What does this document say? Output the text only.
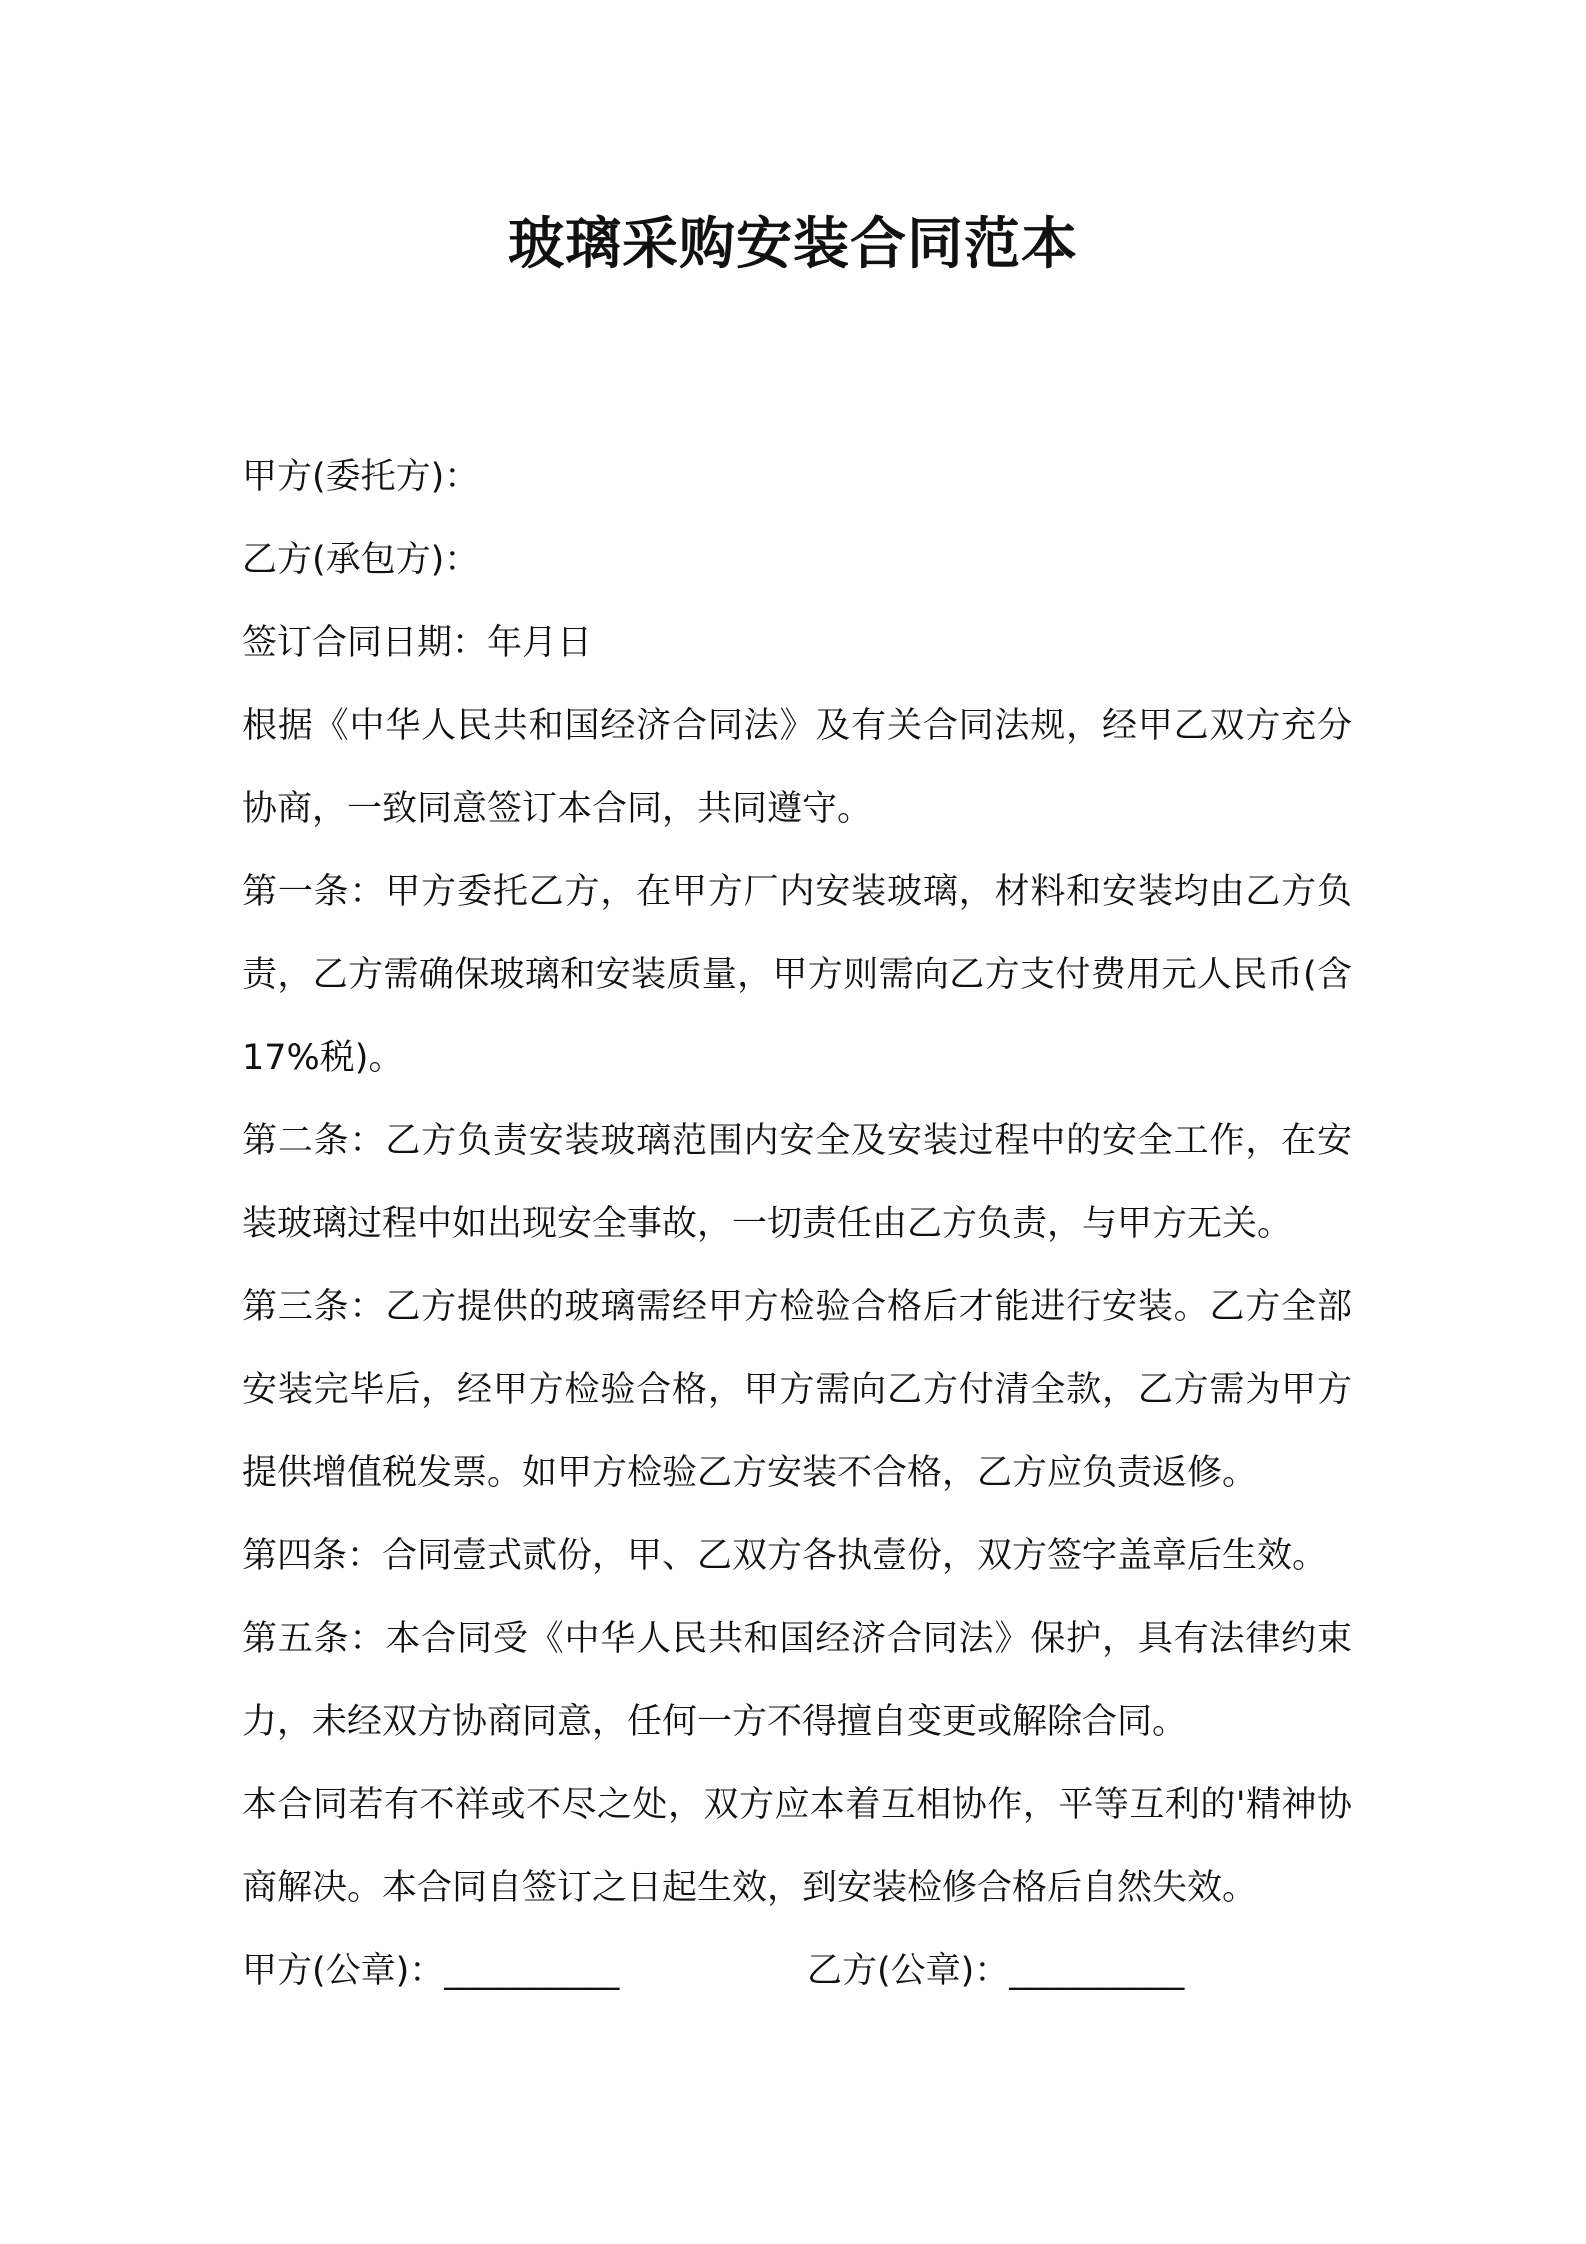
玻璃采购安装合同范本

甲方(委托方)：

乙方(承包方)：

签订合同日期：年月日

根据《中华人民共和国经济合同法》及有关合同法规，经甲乙双方充分协商，一致同意签订本合同，共同遵守。

第一条：甲方委托乙方，在甲方厂内安装玻璃，材料和安装均由乙方负责，乙方需确保玻璃和安装质量，甲方则需向乙方支付费用元人民币(含 17%税)。

第二条：乙方负责安装玻璃范围内安全及安装过程中的安全工作，在安装玻璃过程中如出现安全事故，一切责任由乙方负责，与甲方无关。

第三条：乙方提供的玻璃需经甲方检验合格后才能进行安装。乙方全部安装完毕后，经甲方检验合格，甲方需向乙方付清全款，乙方需为甲方提供增值税发票。如甲方检验乙方安装不合格，乙方应负责返修。

第四条：合同壹式贰份，甲、乙双方各执壹份，双方签字盖章后生效。

第五条：本合同受《中华人民共和国经济合同法》保护，具有法律约束力，未经双方协商同意，任何一方不得擅自变更或解除合同。

本合同若有不祥或不尽之处，双方应本着互相协作，平等互利的'精神协商解决。本合同自签订之日起生效，到安装检修合格后自然失效。

甲方(公章)：__________	乙方(公章)：__________
